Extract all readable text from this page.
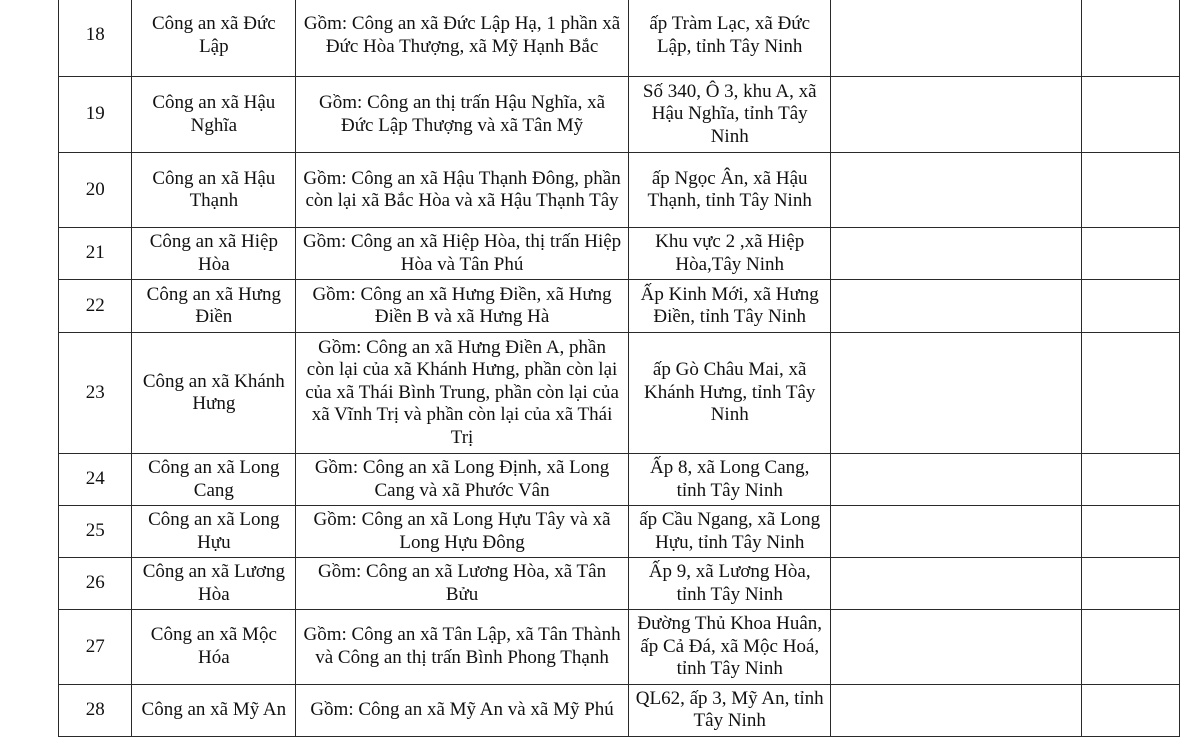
18	Công an xã Đức Lập	Gồm: Công an xã Đức Lập Hạ, 1 phần xã Đức Hòa Thượng, xã Mỹ Hạnh Bắc	ấp Tràm Lạc, xã Đức Lập, tỉnh Tây Ninh		
19	Công an xã Hậu Nghĩa	Gồm: Công an thị trấn Hậu Nghĩa, xã Đức Lập Thượng và xã Tân Mỹ	Số 340, Ô 3, khu A, xã Hậu Nghĩa, tỉnh Tây Ninh		
20	Công an xã Hậu Thạnh	Gồm: Công an xã Hậu Thạnh Đông, phần còn lại xã Bắc Hòa và xã Hậu Thạnh Tây	ấp Ngọc Ân, xã Hậu Thạnh, tỉnh Tây Ninh		
21	Công an xã Hiệp Hòa	Gồm: Công an xã Hiệp Hòa, thị trấn Hiệp Hòa và Tân Phú	Khu vực 2 ,xã Hiệp Hòa,Tây Ninh		
22	Công an xã Hưng Điền	Gồm: Công an xã Hưng Điền, xã Hưng Điền B và xã Hưng Hà	Ấp Kinh Mới, xã Hưng Điền, tỉnh Tây Ninh		
23	Công an xã Khánh Hưng	Gồm: Công an xã Hưng Điền A, phần còn lại của xã Khánh Hưng, phần còn lại của xã Thái Bình Trung, phần còn lại của xã Vĩnh Trị và phần còn lại của xã Thái Trị	ấp Gò Châu Mai, xã Khánh Hưng, tỉnh Tây Ninh		
24	Công an xã Long Cang	Gồm: Công an xã Long Định, xã Long Cang và xã Phước Vân	Ấp 8, xã Long Cang, tỉnh Tây Ninh		
25	Công an xã Long Hựu	Gồm: Công an xã Long Hựu Tây và xã Long Hựu Đông	ấp Cầu Ngang, xã Long Hựu, tỉnh Tây Ninh		
26	Công an xã Lương Hòa	Gồm: Công an xã Lương Hòa, xã Tân Bửu	Ấp 9, xã Lương Hòa, tỉnh Tây Ninh		
27	Công an xã Mộc Hóa	Gồm: Công an xã Tân Lập, xã Tân Thành và Công an thị trấn Bình Phong Thạnh	Đường Thủ Khoa Huân, ấp Cả Đá, xã Mộc Hoá, tỉnh Tây Ninh		
28	Công an xã Mỹ An	Gồm: Công an xã Mỹ An và xã Mỹ Phú	QL62, ấp 3, Mỹ An, tỉnh Tây Ninh		
